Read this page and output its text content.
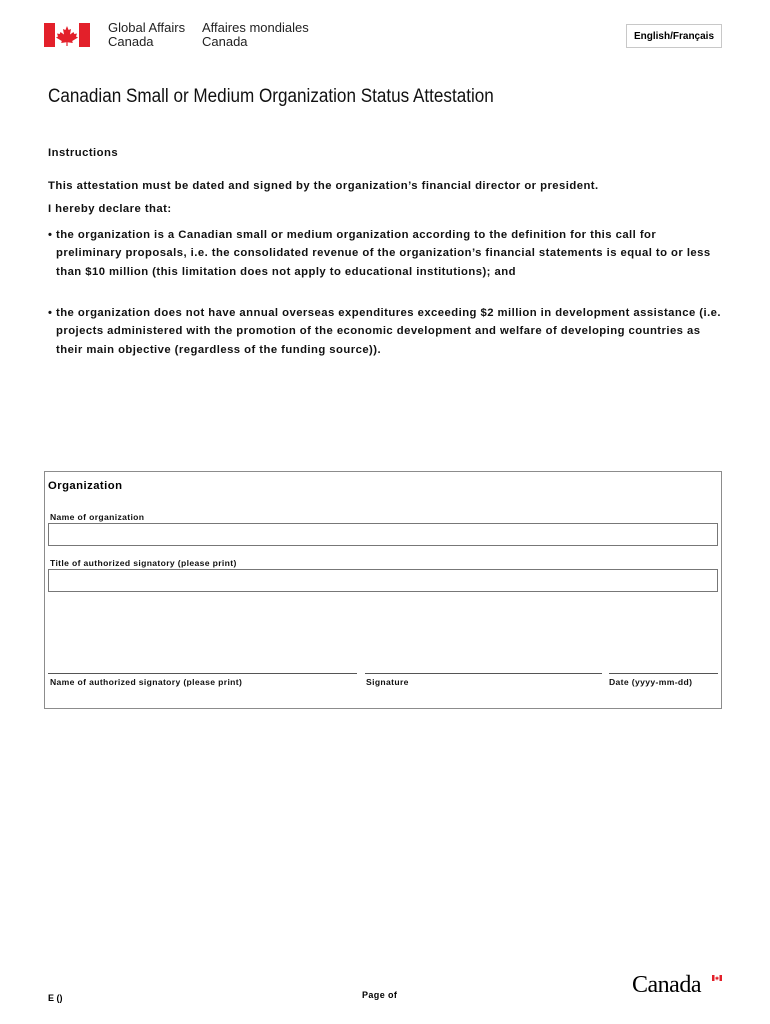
Global Affairs
Canada
Affaires mondiales
Canada	English/Français
Canadian Small or Medium Organization Status Attestation
Instructions
This attestation must be dated and signed by the organization’s financial director or president.
I hereby declare that:

• the organization is a Canadian small or medium organization according to the definition for this call for preliminary proposals, i.e. the consolidated revenue of the organization’s financial statements is equal to or less than $10 million (this limitation does not apply to educational institutions); and

• the organization does not have annual overseas expenditures exceeding $2 million in development assistance (i.e. projects administered with the promotion of the economic development and welfare of developing countries as their main objective (regardless of the funding source)).

Organization
Name of organization
Title of authorized signatory (please print)
Name of authorized signatory (please print)	Signature	Date (yyyy-mm-dd)
E ()	Page of	Canada
